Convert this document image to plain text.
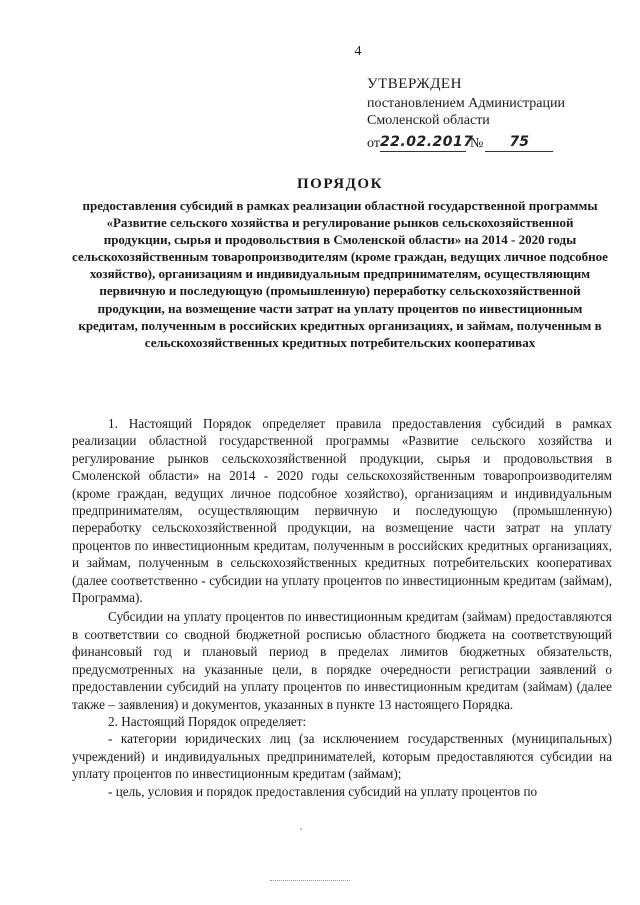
4
УТВЕРЖДЕН
постановлением Администрации
Смоленской области
от 22.02.2017
№	75
ПОРЯДОК
предоставления субсидий в рамках реализации областной государственной программы «Развитие сельского хозяйства и регулирование рынков сельскохозяйственной продукции, сырья и продовольствия в Смоленской области» на 2014 - 2020 годы сельскохозяйственным товаропроизводителям (кроме граждан, ведущих личное подсобное хозяйство), организациям и индивидуальным предпринимателям, осуществляющим первичную и последующую (промышленную) переработку сельскохозяйственной продукции, на возмещение части затрат на уплату процентов по инвестиционным кредитам, полученным в российских кредитных организациях, и займам, полученным в сельскохозяйственных кредитных потребительских кооперативах

1. Настоящий Порядок определяет правила предоставления субсидий в рамках реализации областной государственной программы «Развитие сельского хозяйства и регулирование рынков сельскохозяйственной продукции, сырья и продовольствия в Смоленской области» на 2014 - 2020 годы сельскохозяйственным товаропроизводителям (кроме граждан, ведущих личное подсобное хозяйство), организациям и индивидуальным предпринимателям, осуществляющим первичную и последующую (промышленную) переработку сельскохозяйственной продукции, на возмещение части затрат на уплату процентов по инвестиционным кредитам, полученным в российских кредитных организациях, и займам, полученным в сельскохозяйственных кредитных потребительских кооперативах (далее соответственно - субсидии на уплату процентов по инвестиционным кредитам (займам), Программа).

Субсидии на уплату процентов по инвестиционным кредитам (займам) предоставляются в соответствии со сводной бюджетной росписью областного бюджета на соответствующий финансовый год и плановый период в пределах лимитов бюджетных обязательств, предусмотренных на указанные цели, в порядке очередности регистрации заявлений о предоставлении субсидий на уплату процентов по инвестиционным кредитам (займам) (далее также – заявления) и документов, указанных в пункте 13 настоящего Порядка.

2. Настоящий Порядок определяет:

- категории юридических лиц (за исключением государственных (муниципальных) учреждений) и индивидуальных предпринимателей, которым предоставляются субсидии на уплату процентов по инвестиционным кредитам (займам);

- цель, условия и порядок предоставления субсидий на уплату процентов по
